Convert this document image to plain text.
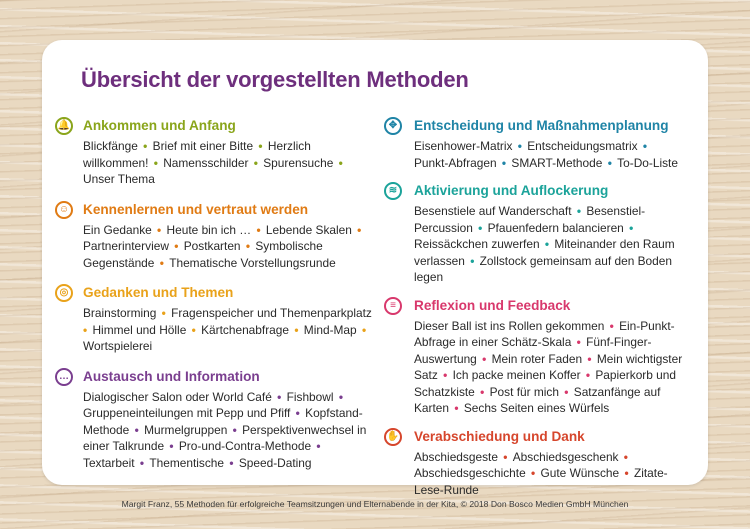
Übersicht der vorgestellten Methoden
🔔 Ankommen und Anfang
Blickfänge • Brief mit einer Bitte • Herzlich willkommen! • Namensschilder • Spurensuche • Unser Thema
☺ Kennenlernen und vertraut werden
Ein Gedanke • Heute bin ich … • Lebende Skalen • Partnerinterview • Postkarten • Symbolische Gegenstände • Thematische Vorstellungsrunde
◎	Gedanken und Themen
Brainstorming • Fragenspeicher und Themenparkplatz • Himmel und Hölle • Kärtchenabfrage • Mind-Map • Wortspielerei
… Austausch und Information
Dialogischer Salon oder World Café • Fishbowl • Gruppeneinteilungen mit Pepp und Pfiff • Kopfstand-Methode • Murmelgruppen • Perspektivenwechsel in einer Talkrunde • Pro-und-Contra-Methode • Textarbeit • Thementische • Speed-Dating
✥	Entscheidung und Maßnahmenplanung
Eisenhower-Matrix • Entscheidungsmatrix • Punkt-Abfragen • SMART-Methode • To-Do-Liste
≋	Aktivierung und Auflockerung
Besenstiele auf Wanderschaft • Besenstiel-Percussion • Pfauenfedern balancieren • Reissäckchen zuwerfen • Miteinander den Raum verlassen • Zollstock gemeinsam auf den Boden legen
≡	Reflexion und Feedback
Dieser Ball ist ins Rollen gekommen • Ein-Punkt-Abfrage in einer Schätz-Skala • Fünf-Finger-Auswertung • Mein roter Faden • Mein wichtigster Satz • Ich packe meinen Koffer • Papierkorb und Schatzkiste • Post für mich • Satzanfänge auf Karten • Sechs Seiten eines Würfels
✋ Verabschiedung und Dank
Abschiedsgeste • Abschiedsgeschenk • Abschiedsgeschichte • Gute Wünsche • Zitate-Lese-Runde
Margit Franz, 55 Methoden für erfolgreiche Teamsitzungen und Elternabende in der Kita, © 2018 Don Bosco Medien GmbH München
